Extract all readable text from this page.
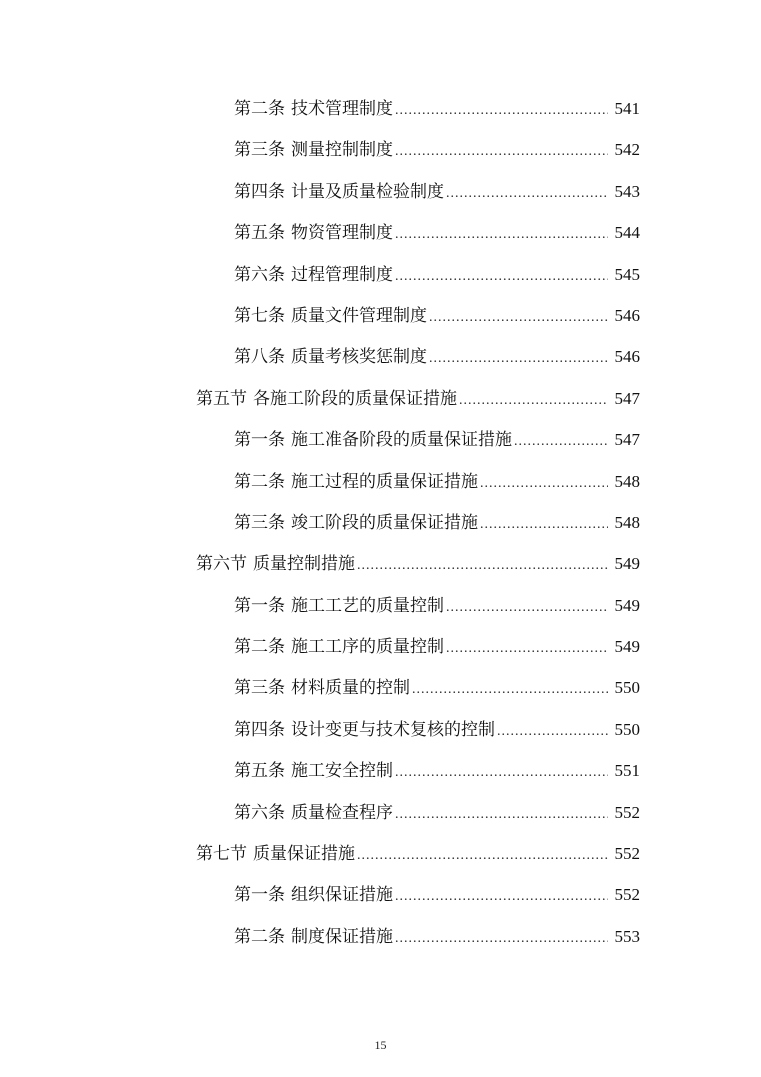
第二条 技术管理制度 .....	541
第三条 测量控制制度 .....	542
第四条 计量及质量检验制度 .....	543
第五条 物资管理制度 .....	544
第六条 过程管理制度 .....	545
第七条 质量文件管理制度 .....	546
第八条 质量考核奖惩制度 .....	546
第五节 各施工阶段的质量保证措施 .....	547
第一条 施工准备阶段的质量保证措施 .....	547
第二条 施工过程的质量保证措施 .....	548
第三条 竣工阶段的质量保证措施 .....	548
第六节 质量控制措施 .....	549
第一条 施工工艺的质量控制 .....	549
第二条 施工工序的质量控制 .....	549
第三条 材料质量的控制 .....	550
第四条 设计变更与技术复核的控制 .....	550
第五条 施工安全控制 .....	551
第六条 质量检查程序 .....	552
第七节 质量保证措施 .....	552
第一条 组织保证措施 .....	552
第二条 制度保证措施 .....	553
15
